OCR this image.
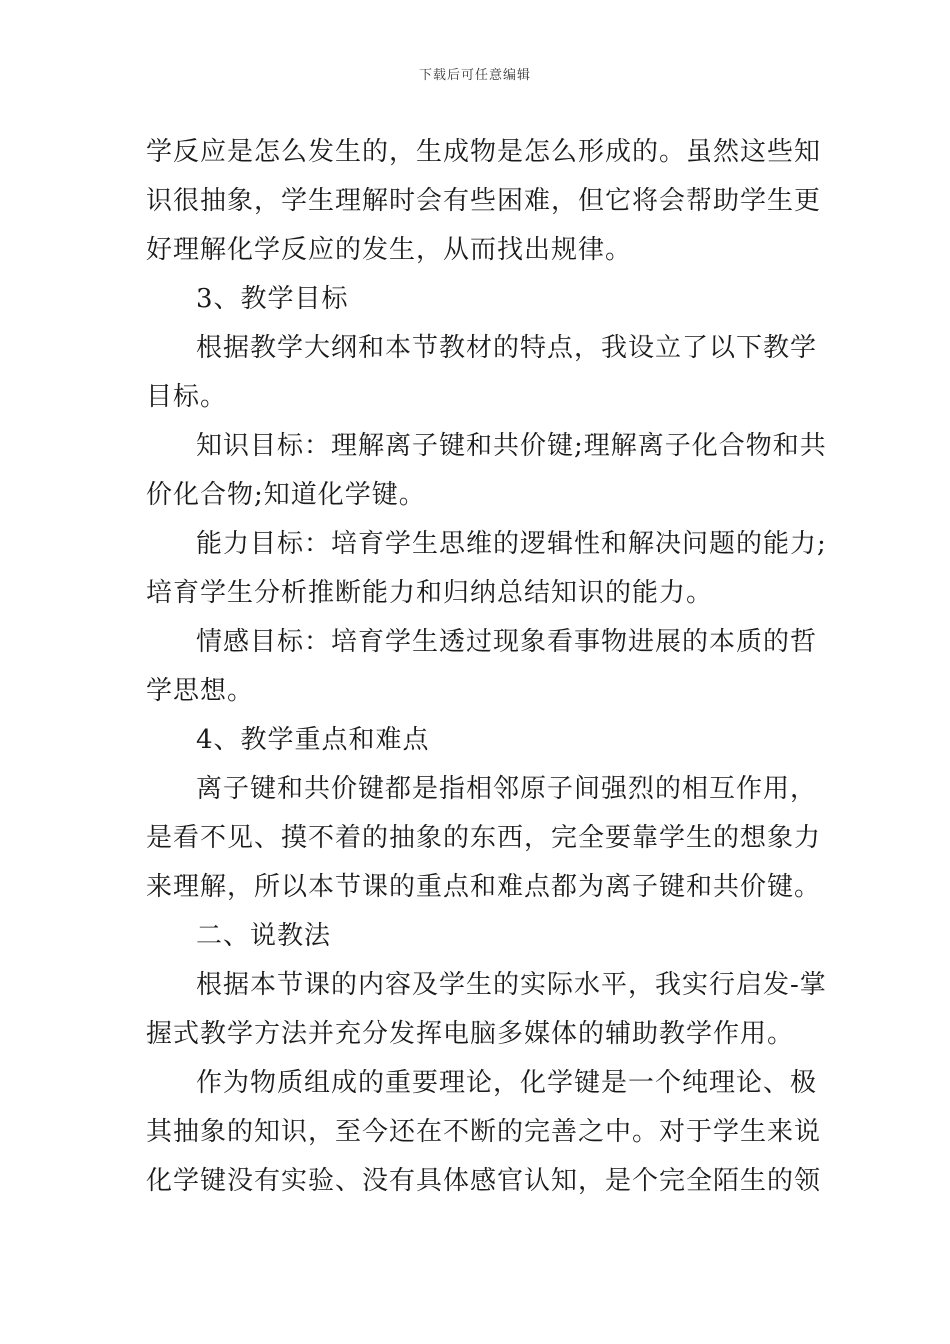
下载后可任意编辑
学反应是怎么发生的，生成物是怎么形成的。虽然这些知
识很抽象，学生理解时会有些困难，但它将会帮助学生更
好理解化学反应的发生，从而找出规律。
3、教学目标
根据教学大纲和本节教材的特点，我设立了以下教学
目标。
知识目标：理解离子键和共价键;理解离子化合物和共
价化合物;知道化学键。
能力目标：培育学生思维的逻辑性和解决问题的能力;
培育学生分析推断能力和归纳总结知识的能力。
情感目标：培育学生透过现象看事物进展的本质的哲
学思想。
4、教学重点和难点
离子键和共价键都是指相邻原子间强烈的相互作用，
是看不见、摸不着的抽象的东西，完全要靠学生的想象力
来理解，所以本节课的重点和难点都为离子键和共价键。
二、说教法
根据本节课的内容及学生的实际水平，我实行启发-掌
握式教学方法并充分发挥电脑多媒体的辅助教学作用。
作为物质组成的重要理论，化学键是一个纯理论、极
其抽象的知识，至今还在不断的完善之中。对于学生来说
化学键没有实验、没有具体感官认知，是个完全陌生的领
